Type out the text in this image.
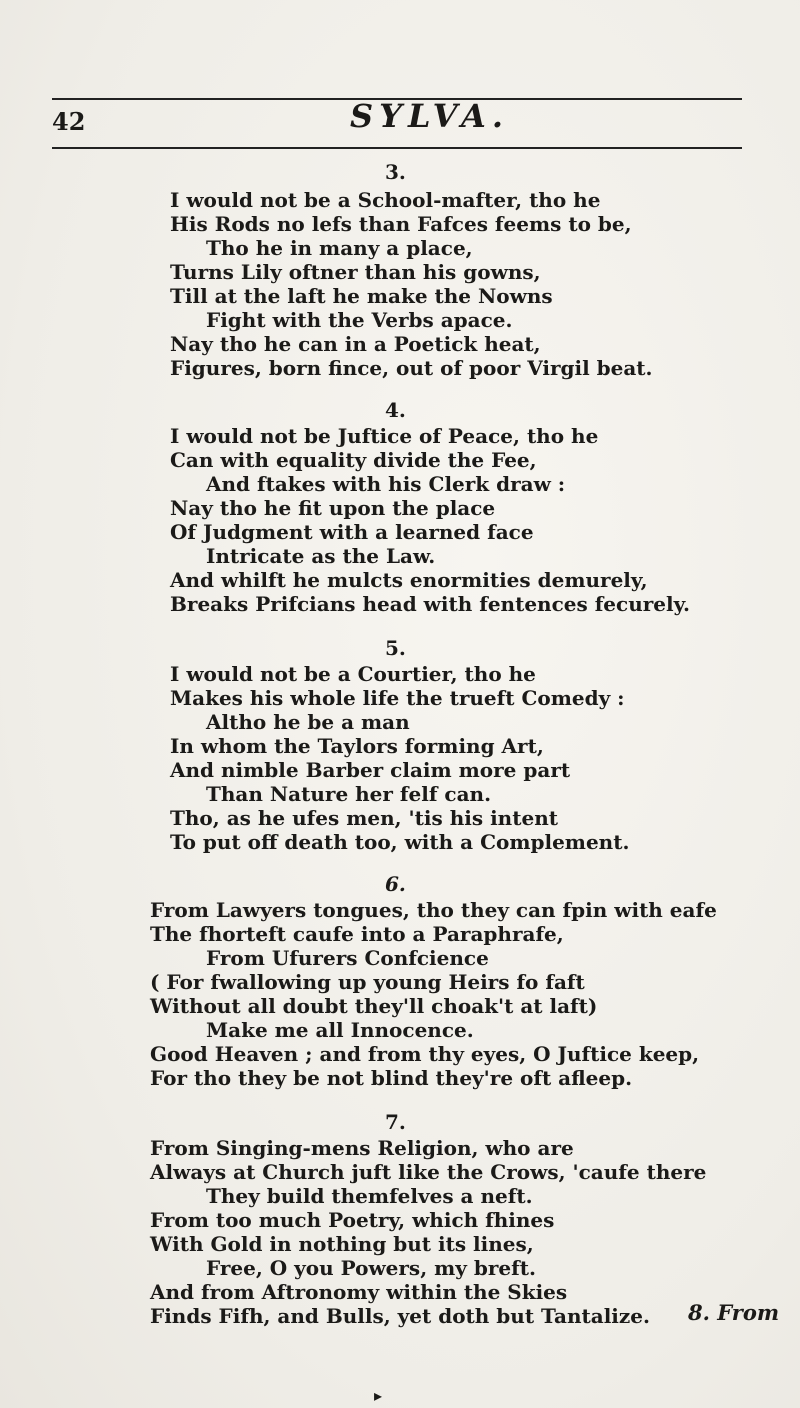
42	SYLVA.
3.
I would not be a School-mafter, tho he
His Rods no lefs than Fafces feems to be,
Tho he in many a place,
Turns Lily oftner than his gowns,
Till at the laft he make the Nowns
Fight with the Verbs apace.
Nay tho he can in a Poetick heat,
Figures, born fince, out of poor Virgil beat.
4.
I would not be Juftice of Peace, tho he
Can with equality divide the Fee,
And ftakes with his Clerk draw :
Nay tho he fit upon the place
Of Judgment with a learned face
Intricate as the Law.
And whilft he mulcts enormities demurely,
Breaks Prifcians head with fentences fecurely.
5.
I would not be a Courtier, tho he
Makes his whole life the trueft Comedy :
Altho he be a man
In whom the Taylors forming Art,
And nimble Barber claim more part
Than Nature her felf can.
Tho, as he ufes men, 'tis his intent
To put off death too, with a Complement.
6.
From Lawyers tongues, tho they can fpin with eafe
The fhorteft caufe into a Paraphrafe,
From Ufurers Confcience
( For fwallowing up young Heirs fo faft
Without all doubt they'll choak't at laft)
Make me all Innocence.
Good Heaven ; and from thy eyes, O Juftice keep,
For tho they be not blind they're oft afleep.
7.
From Singing-mens Religion, who are
Always at Church juft like the Crows, 'caufe there
They build themfelves a neft.
From too much Poetry, which fhines
With Gold in nothing but its lines,
Free, O you Powers, my breft.
And from Aftronomy within the Skies
Finds Fifh, and Bulls, yet doth but Tantalize. 8. From
▸
